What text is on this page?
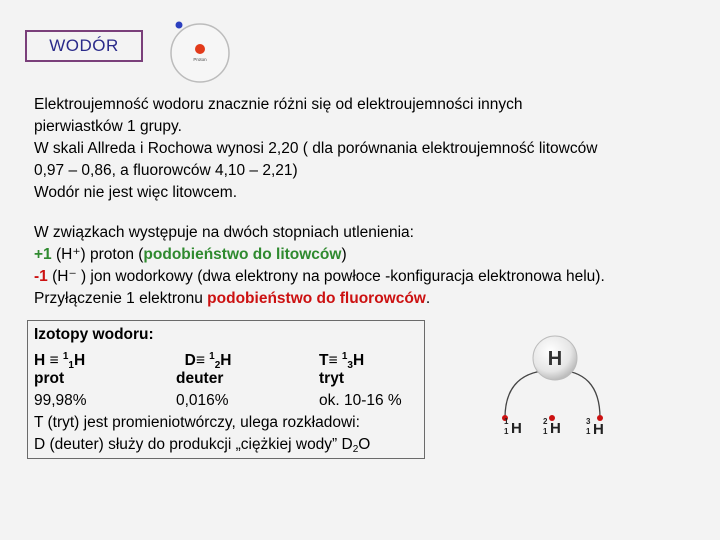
WODÓR
Proton
Elektroujemność wodoru znacznie różni się od elektroujemności innych
pierwiastków 1 grupy.
W skali Allreda i Rochowa wynosi 2,20 ( dla porównania elektroujemność litowców
0,97 – 0,86, a fluorowców 4,10 – 2,21)
Wodór nie jest więc litowcem.
W związkach występuje na dwóch stopniach utlenienia:
+1 (H⁺) proton (podobieństwo do litowców)
-1 (H⁻ ) jon wodorkowy (dwa elektrony na powłoce -konfiguracja elektronowa helu).
Przyłączenie 1 elektronu podobieństwo do fluorowców.
Izotopy wodoru:
H ≡ $^1_1$H	D≡ $^1_2$H	T≡ $^1_3$H
prot	deuter	tryt
99,98%	0,016%	ok. 10-16 %
T (tryt) jest promieniotwórczy, ulega rozkładowi:
D (deuter) służy do produkcji „ciężkiej wody” $D_2O$
H
1
1 H	2
1 H	3
1 H
